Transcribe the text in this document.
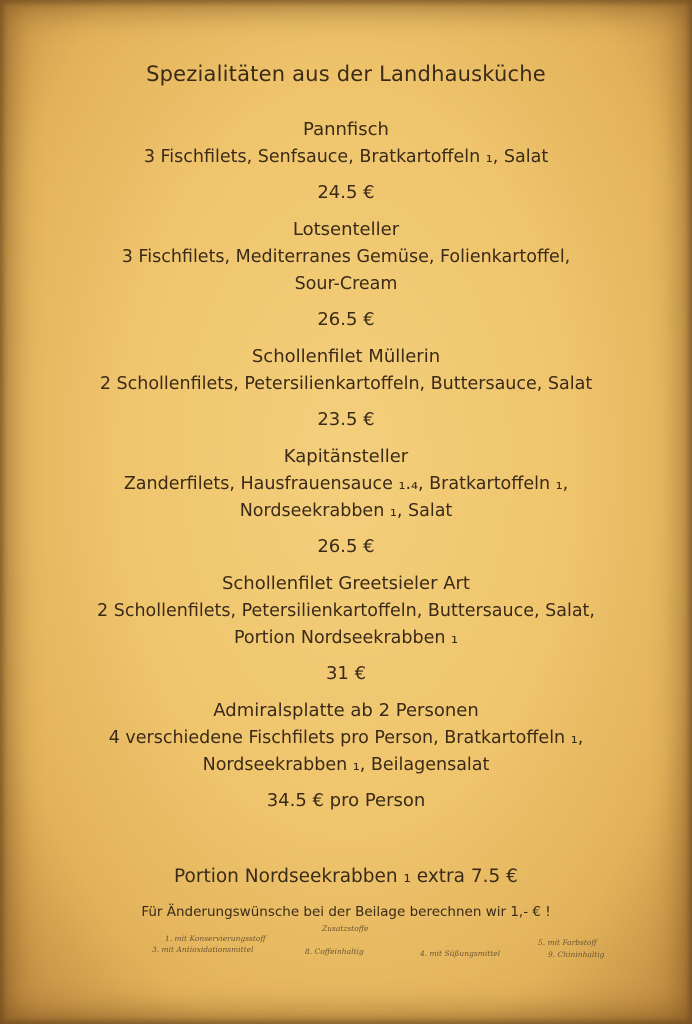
Spezialitäten aus der Landhausküche
Pannfisch
3 Fischfilets, Senfsauce, Bratkartoffeln ₁, Salat
24.5 €
Lotsenteller
3 Fischfilets, Mediterranes Gemüse, Folienkartoffel,
Sour-Cream
26.5 €
Schollenfilet Müllerin
2 Schollenfilets, Petersilienkartoffeln, Buttersauce, Salat
23.5 €
Kapitänsteller
Zanderfilets, Hausfrauensauce ₁.₄, Bratkartoffeln ₁,
Nordseekrabben ₁, Salat
26.5 €
Schollenfilet Greetsieler Art
2 Schollenfilets, Petersilienkartoffeln, Buttersauce, Salat,
Portion Nordseekrabben ₁
31 €
Admiralsplatte ab 2 Personen
4 verschiedene Fischfilets pro Person, Bratkartoffeln ₁,
Nordseekrabben ₁, Beilagensalat
34.5 € pro Person
Portion Nordseekrabben ₁ extra 7.5 €
Für Änderungswünsche bei der Beilage berechnen wir 1,- € !
Zusatzstoffe
1. mit Konservierungsstoff
3. mit Antioxidationsmittel	8. Coffeinhaltig	4. mit Süßungsmittel
5. mit Farbstoff
9. Chininhaltig
